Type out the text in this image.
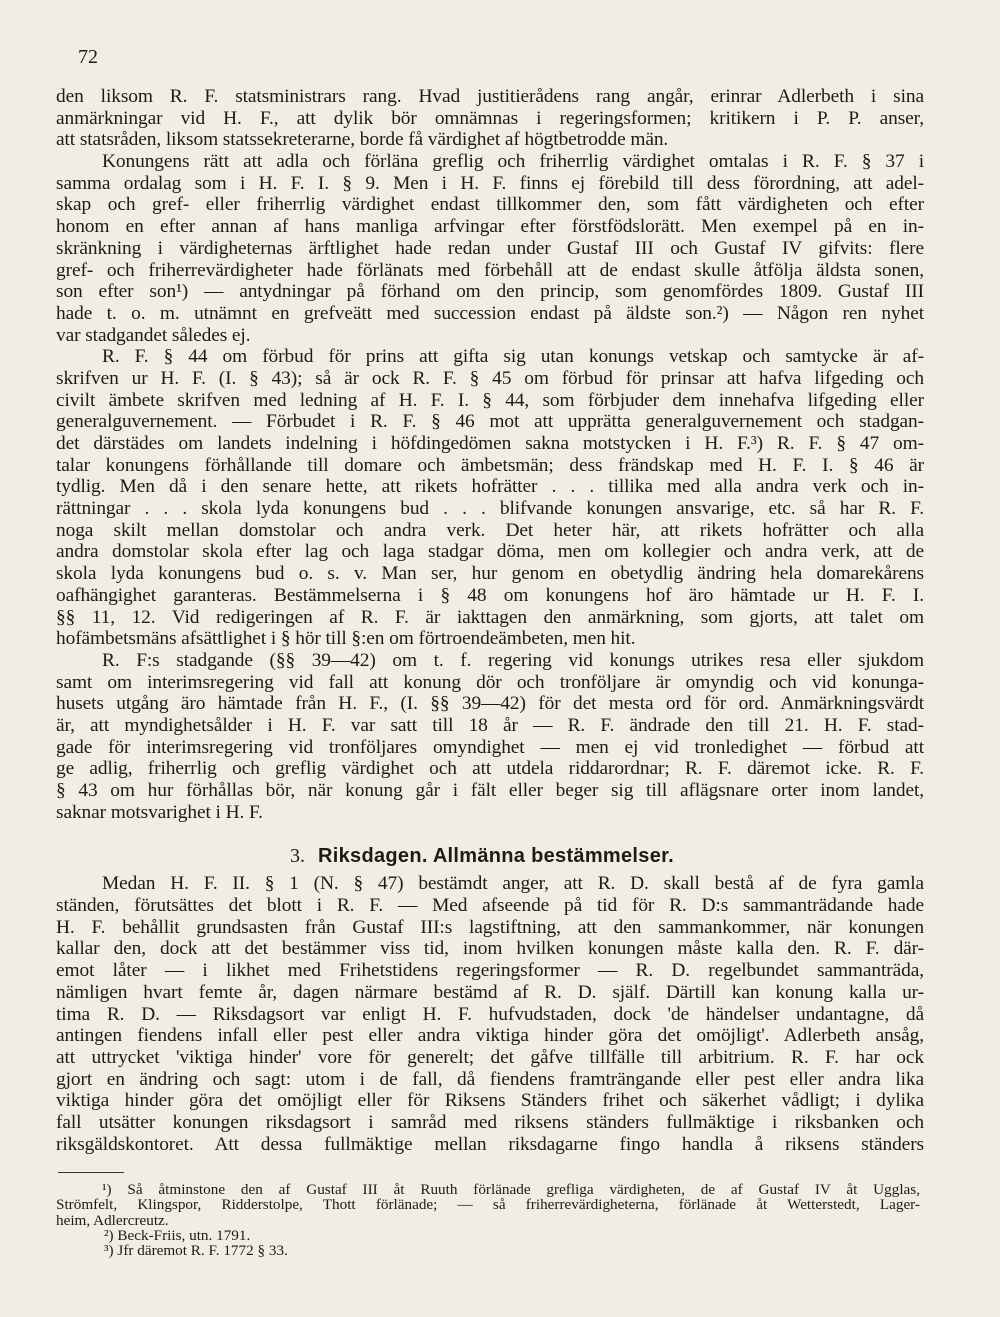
72
den liksom R. F. statsministrars rang. Hvad justitierådens rang angår, erinrar Adlerbeth i sina
anmärkningar vid H. F., att dylik bör omnämnas i regeringsformen; kritikern i P. P. anser,
att statsråden, liksom statssekreterarne, borde få värdighet af högtbetrodde män.
Konungens rätt att adla och förläna greflig och friherrlig värdighet omtalas i R. F. § 37 i
samma ordalag som i H. F. I. § 9. Men i H. F. finns ej förebild till dess förordning, att adel-
skap och gref- eller friherrlig värdighet endast tillkommer den, som fått värdigheten och efter
honom en efter annan af hans manliga arfvingar efter förstfödslorätt. Men exempel på en in-
skränkning i värdigheternas ärftlighet hade redan under Gustaf III och Gustaf IV gifvits: flere
gref- och friherrevärdigheter hade förlänats med förbehåll att de endast skulle åtfölja äldsta sonen,
son efter son¹) — antydningar på förhand om den princip, som genomfördes 1809. Gustaf III
hade t. o. m. utnämnt en grefveätt med succession endast på äldste son.²) — Någon ren nyhet
var stadgandet således ej.
R. F. § 44 om förbud för prins att gifta sig utan konungs vetskap och samtycke är af-
skrifven ur H. F. (I. § 43); så är ock R. F. § 45 om förbud för prinsar att hafva lifgeding och
civilt ämbete skrifven med ledning af H. F. I. § 44, som förbjuder dem innehafva lifgeding eller
generalguvernement. — Förbudet i R. F. § 46 mot att upprätta generalguvernement och stadgan-
det därstädes om landets indelning i höfdingedömen sakna motstycken i H. F.³) R. F. § 47 om-
talar konungens förhållande till domare och ämbetsmän; dess frändskap med H. F. I. § 46 är
tydlig. Men då i den senare hette, att rikets hofrätter . . . tillika med alla andra verk och in-
rättningar . . . skola lyda konungens bud . . . blifvande konungen ansvarige, etc. så har R. F.
noga skilt mellan domstolar och andra verk. Det heter här, att rikets hofrätter och alla
andra domstolar skola efter lag och laga stadgar döma, men om kollegier och andra verk, att de
skola lyda konungens bud o. s. v. Man ser, hur genom en obetydlig ändring hela domarekårens
oafhängighet garanteras. Bestämmelserna i § 48 om konungens hof äro hämtade ur H. F. I.
§§ 11, 12. Vid redigeringen af R. F. är iakttagen den anmärkning, som gjorts, att talet om
hofämbetsmäns afsättlighet i § hör till §:en om förtroendeämbeten, men hit.
R. F:s stadgande (§§ 39—42) om t. f. regering vid konungs utrikes resa eller sjukdom
samt om interimsregering vid fall att konung dör och tronföljare är omyndig och vid konunga-
husets utgång äro hämtade från H. F., (I. §§ 39—42) för det mesta ord för ord. Anmärkningsvärdt
är, att myndighetsålder i H. F. var satt till 18 år — R. F. ändrade den till 21. H. F. stad-
gade för interimsregering vid tronföljares omyndighet — men ej vid tronledighet — förbud att
ge adlig, friherrlig och greflig värdighet och att utdela riddarordnar; R. F. däremot icke. R. F.
§ 43 om hur förhållas bör, när konung går i fält eller beger sig till aflägsnare orter inom landet,
saknar motsvarighet i H. F.
3. Riksdagen. Allmänna bestämmelser.
Medan H. F. II. § 1 (N. § 47) bestämdt anger, att R. D. skall bestå af de fyra gamla
ständen, förutsättes det blott i R. F. — Med afseende på tid för R. D:s sammanträdande hade
H. F. behållit grundsasten från Gustaf III:s lagstiftning, att den sammankommer, när konungen
kallar den, dock att det bestämmer viss tid, inom hvilken konungen måste kalla den. R. F. där-
emot låter — i likhet med Frihetstidens regeringsformer — R. D. regelbundet sammanträda,
nämligen hvart femte år, dagen närmare bestämd af R. D. själf. Därtill kan konung kalla ur-
tima R. D. — Riksdagsort var enligt H. F. hufvudstaden, dock 'de händelser undantagne, då
antingen fiendens infall eller pest eller andra viktiga hinder göra det omöjligt'. Adlerbeth ansåg,
att uttrycket 'viktiga hinder' vore för generelt; det gåfve tillfälle till arbitrium. R. F. har ock
gjort en ändring och sagt: utom i de fall, då fiendens framträngande eller pest eller andra lika
viktiga hinder göra det omöjligt eller för Riksens Ständers frihet och säkerhet vådligt; i dylika
fall utsätter konungen riksdagsort i samråd med riksens ständers fullmäktige i riksbanken och
riksgäldskontoret. Att dessa fullmäktige mellan riksdagarne fingo handla å riksens ständers
¹) Så åtminstone den af Gustaf III åt Ruuth förlänade grefliga värdigheten, de af Gustaf IV åt Ugglas,
Strömfelt, Klingspor, Ridderstolpe, Thott förlänade; — så friherrevärdigheterna, förlänade åt Wetterstedt, Lager-
heim, Adlercreutz.
²) Beck-Friis, utn. 1791.
³) Jfr däremot R. F. 1772 § 33.
